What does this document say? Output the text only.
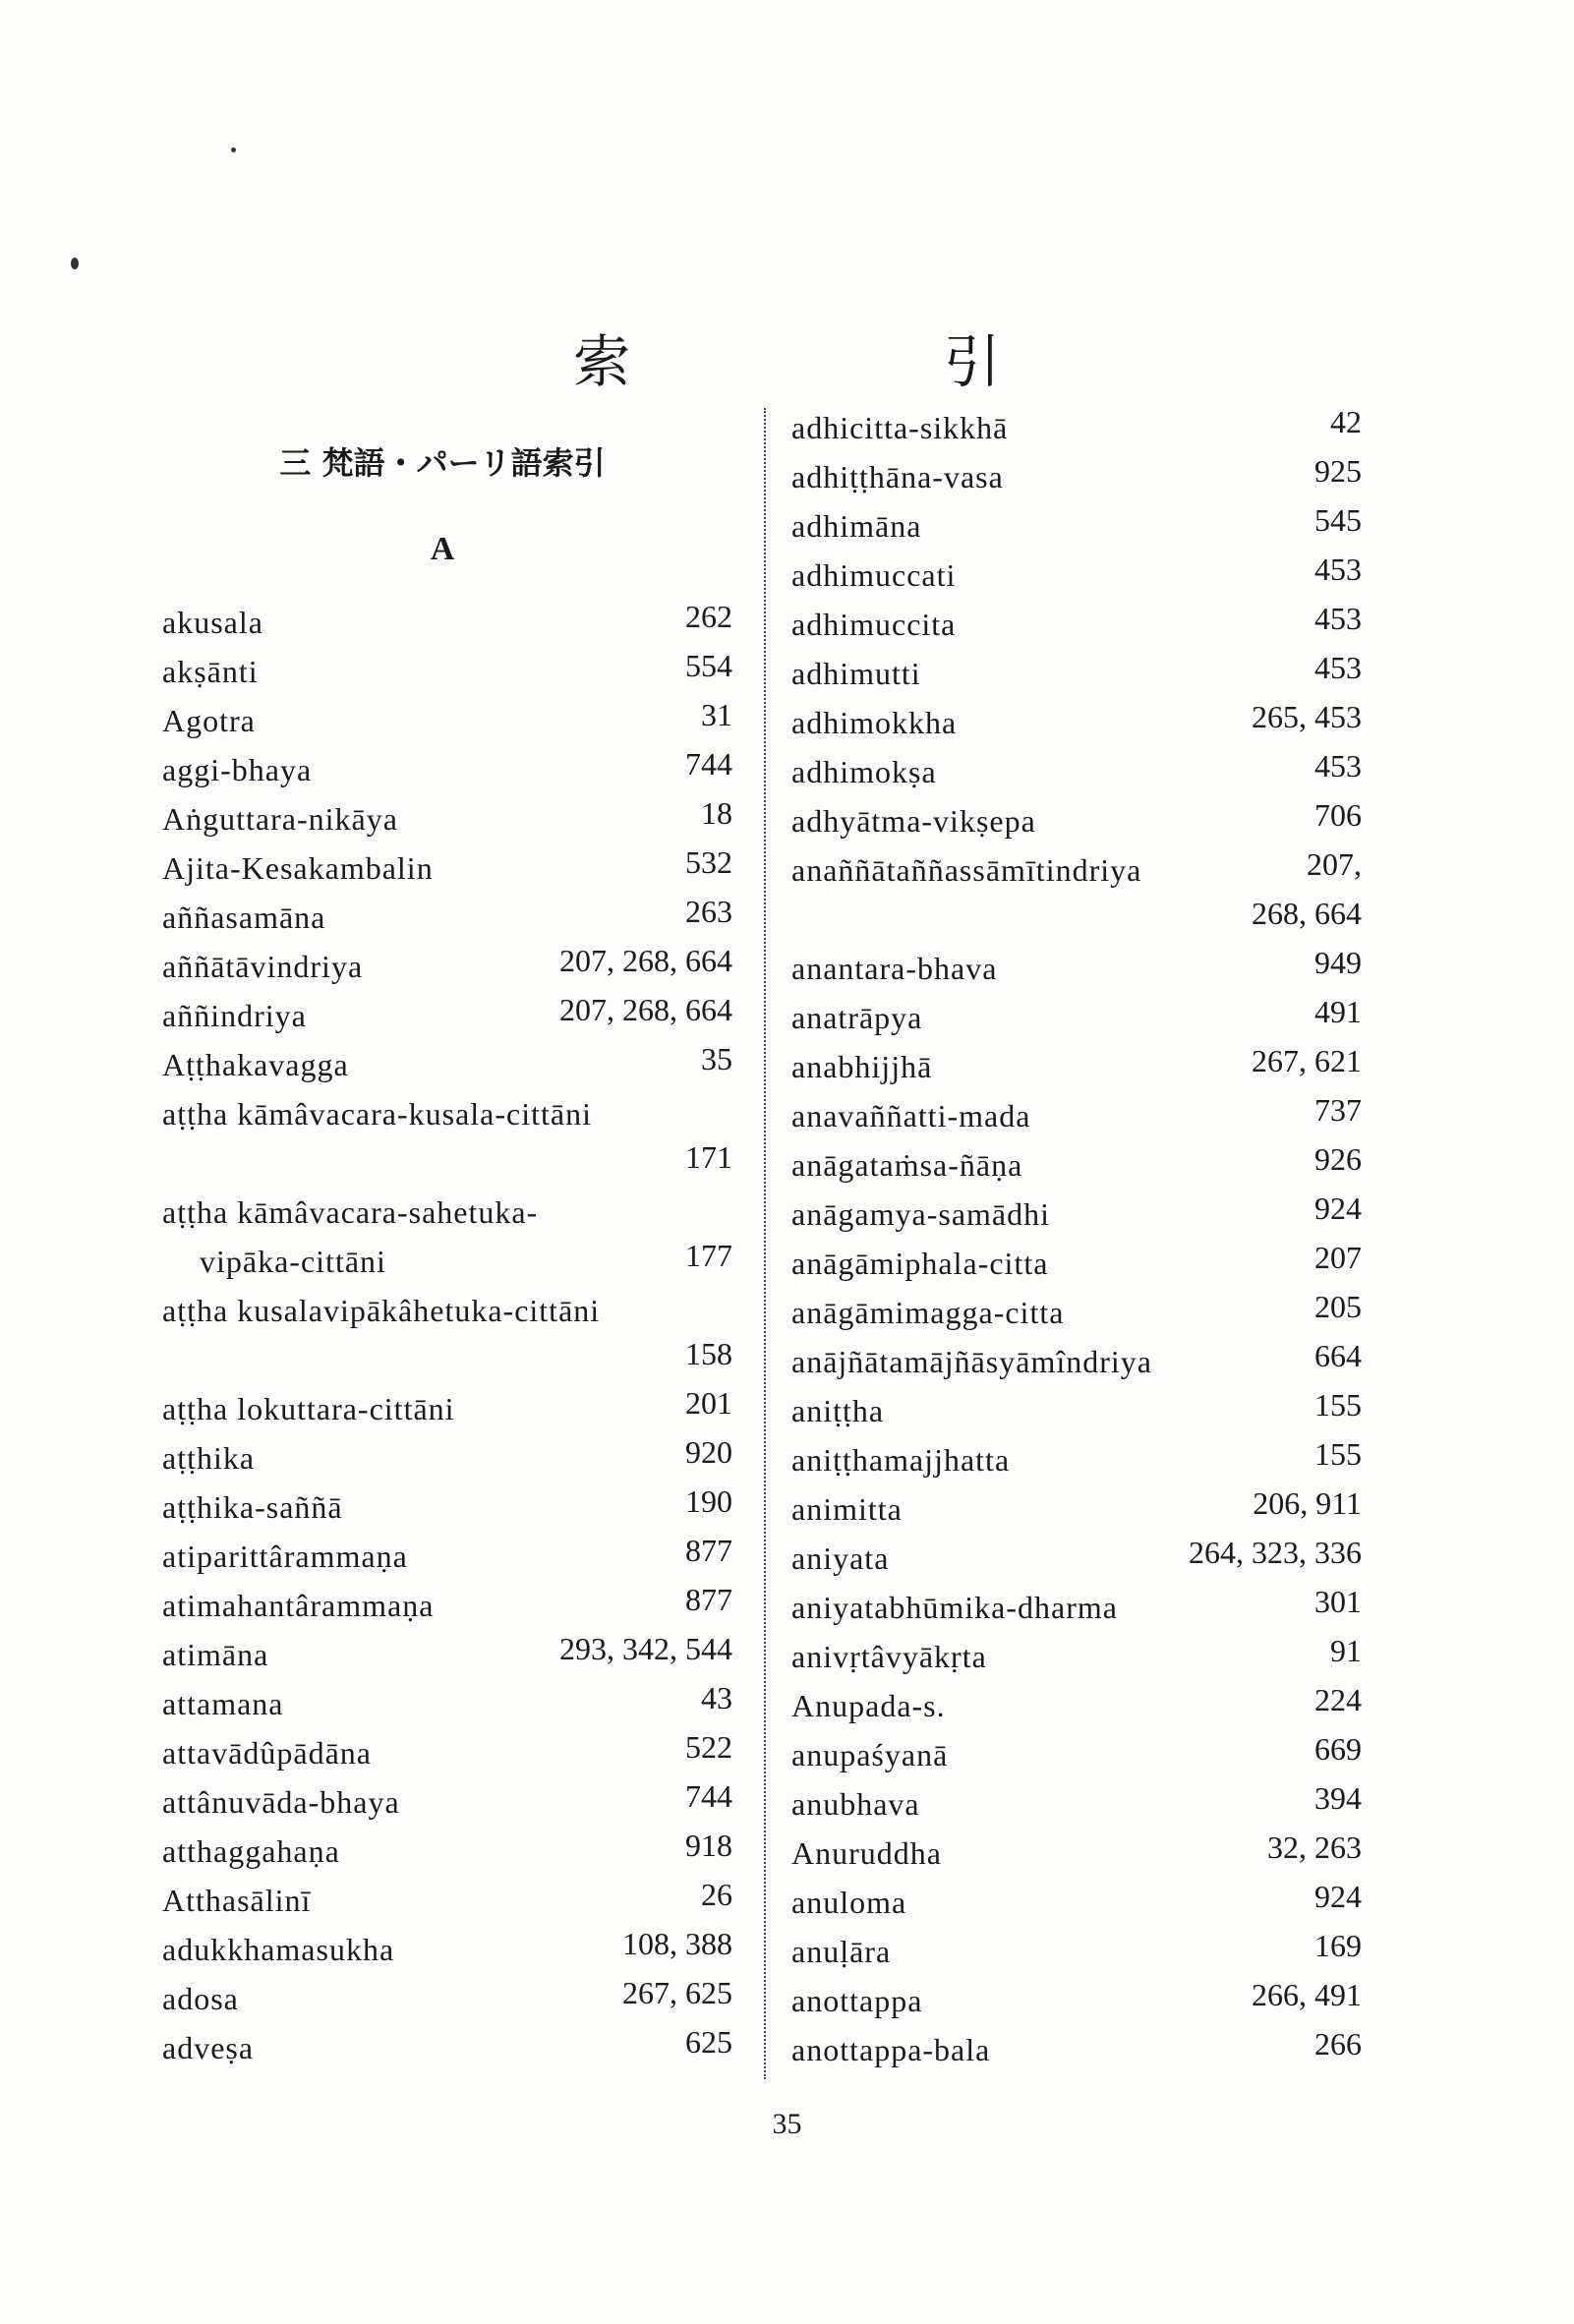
索 引
三 梵語・パーリ語索引
A
akusala	262
akṣānti	554
Agotra	31
aggi-bhaya	744
Aṅguttara-nikāya	18
Ajita-Kesakambalin	532
aññasamāna	263
aññātāvindriya	207, 268, 664
aññindriya	207, 268, 664
Aṭṭhakavagga	35
aṭṭha kāmâvacara-kusala-cittāni
171
aṭṭha kāmâvacara-sahetuka-
vipāka-cittāni	177
aṭṭha kusalavipākâhetuka-cittāni
158
aṭṭha lokuttara-cittāni	201
aṭṭhika	920
aṭṭhika-saññā	190
atiparittârammaṇa	877
atimahantârammaṇa	877
atimāna	293, 342, 544
attamana	43
attavādûpādāna	522
attânuvāda-bhaya	744
atthaggahaṇa	918
Atthasālinī	26
adukkhamasukha	108, 388
adosa	267, 625
adveṣa	625
adhicitta-sikkhā	42
adhiṭṭhāna-vasa	925
adhimāna	545
adhimuccati	453
adhimuccita	453
adhimutti	453
adhimokkha	265, 453
adhimokṣa	453
adhyātma-vikṣepa	706
anaññātaññassāmītindriya	207,
268, 664
anantara-bhava	949
anatrāpya	491
anabhijjhā	267, 621
anavaññatti-mada	737
anāgataṁsa-ñāṇa	926
anāgamya-samādhi	924
anāgāmiphala-citta	207
anāgāmimagga-citta	205
anājñātamājñāsyāmîndriya	664
aniṭṭha	155
aniṭṭhamajjhatta	155
animitta	206, 911
aniyata	264, 323, 336
aniyatabhūmika-dharma	301
anivṛtâvyākṛta	91
Anupada-s.	224
anupaśyanā	669
anubhava	394
Anuruddha	32, 263
anuloma	924
anuḷāra	169
anottappa	266, 491
anottappa-bala	266
35
